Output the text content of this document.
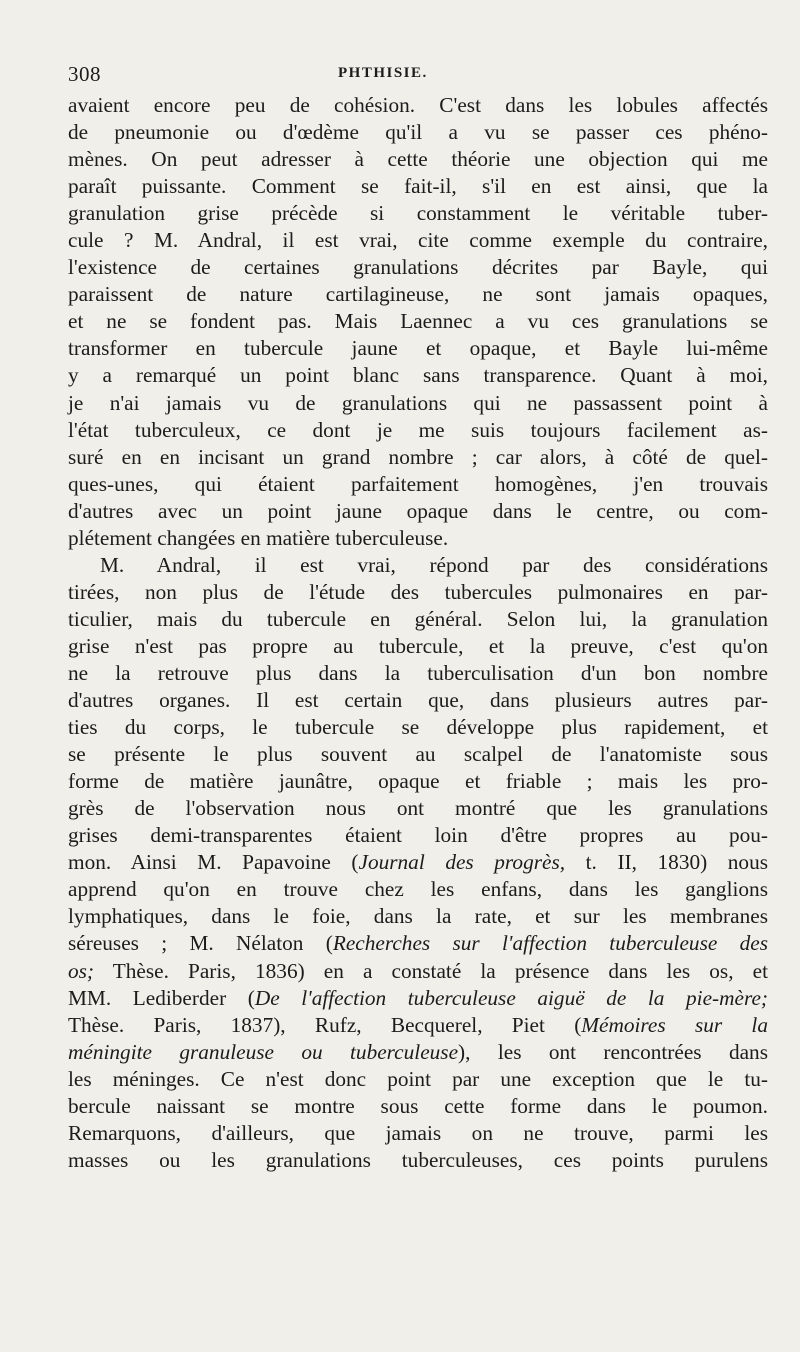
308	PHTHISIE.
avaient encore peu de cohésion. C'est dans les lobules affectés
de pneumonie ou d'œdème qu'il a vu se passer ces phéno-
mènes. On peut adresser à cette théorie une objection qui me
paraît puissante. Comment se fait-il, s'il en est ainsi, que la
granulation grise précède si constamment le véritable tuber-
cule ? M. Andral, il est vrai, cite comme exemple du contraire,
l'existence de certaines granulations décrites par Bayle, qui
paraissent de nature cartilagineuse, ne sont jamais opaques,
et ne se fondent pas. Mais Laennec a vu ces granulations se
transformer en tubercule jaune et opaque, et Bayle lui-même
y a remarqué un point blanc sans transparence. Quant à moi,
je n'ai jamais vu de granulations qui ne passassent point à
l'état tuberculeux, ce dont je me suis toujours facilement as-
suré en en incisant un grand nombre ; car alors, à côté de quel-
ques-unes, qui étaient parfaitement homogènes, j'en trouvais
d'autres avec un point jaune opaque dans le centre, ou com-
plétement changées en matière tuberculeuse.
M. Andral, il est vrai, répond par des considérations
tirées, non plus de l'étude des tubercules pulmonaires en par-
ticulier, mais du tubercule en général. Selon lui, la granulation
grise n'est pas propre au tubercule, et la preuve, c'est qu'on
ne la retrouve plus dans la tuberculisation d'un bon nombre
d'autres organes. Il est certain que, dans plusieurs autres par-
ties du corps, le tubercule se développe plus rapidement, et
se présente le plus souvent au scalpel de l'anatomiste sous
forme de matière jaunâtre, opaque et friable ; mais les pro-
grès de l'observation nous ont montré que les granulations
grises demi-transparentes étaient loin d'être propres au pou-
mon. Ainsi M. Papavoine (Journal des progrès, t. II, 1830) nous
apprend qu'on en trouve chez les enfans, dans les ganglions
lymphatiques, dans le foie, dans la rate, et sur les membranes
séreuses ; M. Nélaton (Recherches sur l'affection tuberculeuse des
os; Thèse. Paris, 1836) en a constaté la présence dans les os, et
MM. Lediberder (De l'affection tuberculeuse aiguë de la pie-mère;
Thèse. Paris, 1837), Rufz, Becquerel, Piet (Mémoires sur la
méningite granuleuse ou tuberculeuse), les ont rencontrées dans
les méninges. Ce n'est donc point par une exception que le tu-
bercule naissant se montre sous cette forme dans le poumon.
Remarquons, d'ailleurs, que jamais on ne trouve, parmi les
masses ou les granulations tuberculeuses, ces points purulens
